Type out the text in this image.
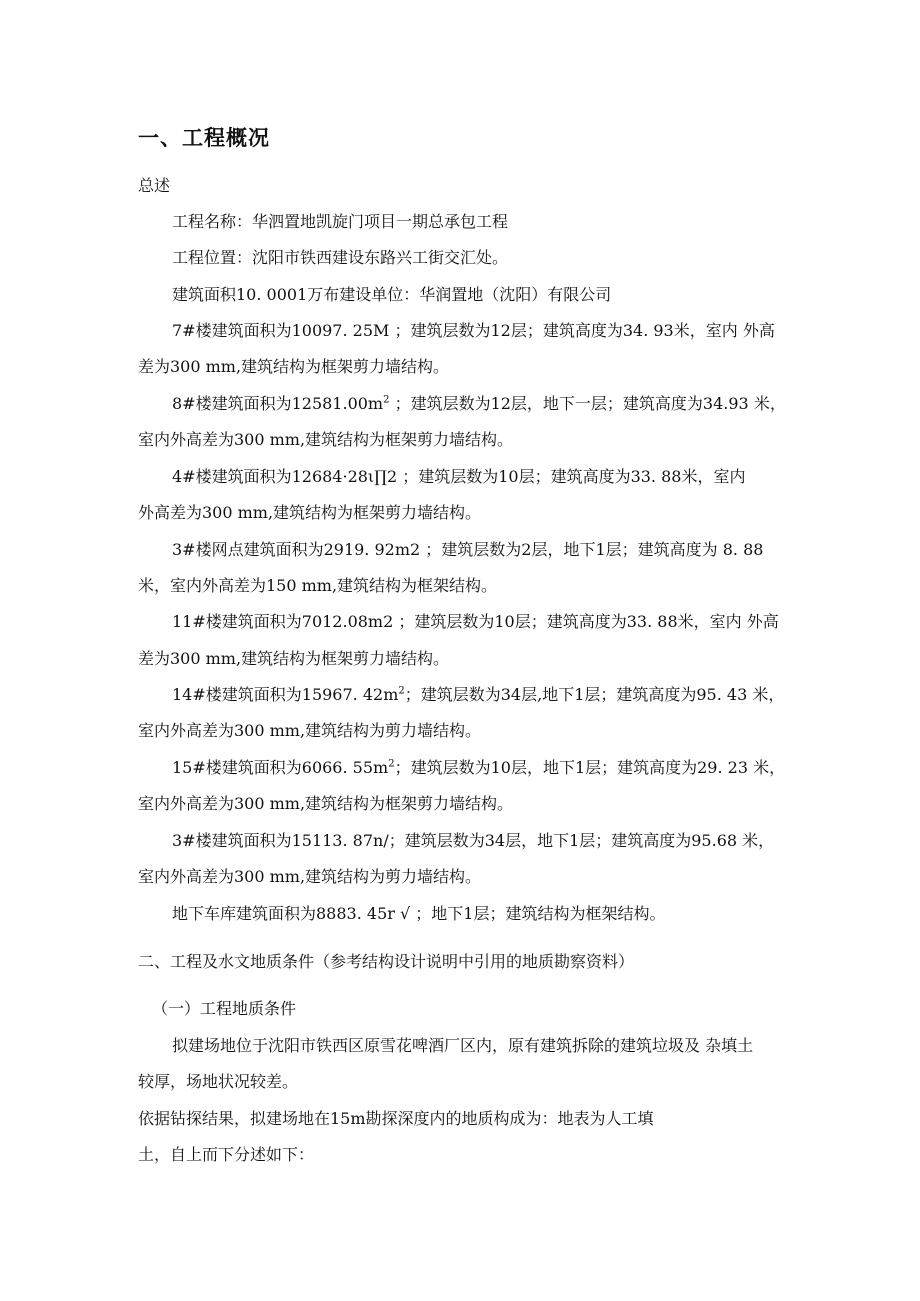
一、工程概况

总述

工程名称：华泗置地凯旋门项目一期总承包工程

工程位置：沈阳市铁西建设东路兴工街交汇处。

建筑面积10. 0001万布建设单位：华润置地（沈阳）有限公司

7#楼建筑面积为10097. 25M ；建筑层数为12层；建筑高度为34. 93米，室内 外高

差为300 mm,建筑结构为框架剪力墙结构。

8#楼建筑面积为$12581.00m^2$ ；建筑层数为12层，地下一层；建筑高度为34.93 米，

室内外高差为300 mm,建筑结构为框架剪力墙结构。

4#楼建筑面积为12684·28ι∏2 ；建筑层数为10层；建筑高度为33. 88米，室内

外高差为300 mm,建筑结构为框架剪力墙结构。

3#楼网点建筑面积为2919. 92m2 ；建筑层数为2层，地下1层；建筑高度为 8. 88

米，室内外高差为150 mm,建筑结构为框架结构。

11#楼建筑面积为7012.08m2 ；建筑层数为10层；建筑高度为33. 88米，室内 外高

差为300 mm,建筑结构为框架剪力墙结构。

14#楼建筑面积为15967. $42m^2$；建筑层数为34层,地下1层；建筑高度为95. 43 米，

室内外高差为300 mm,建筑结构为剪力墙结构。

15#楼建筑面积为6066. $55m^2$；建筑层数为10层，地下1层；建筑高度为29. 23 米，

室内外高差为300 mm,建筑结构为框架剪力墙结构。

3#楼建筑面积为15113. 87n/；建筑层数为34层，地下1层；建筑高度为95.68 米，

室内外高差为300 mm,建筑结构为剪力墙结构。

地下车库建筑面积为8883. 45r √ ；地下1层；建筑结构为框架结构。

二、工程及水文地质条件（参考结构设计说明中引用的地质勘察资料）

（一）工程地质条件

拟建场地位于沈阳市铁西区原雪花啤酒厂区内，原有建筑拆除的建筑垃圾及 杂填土

较厚，场地状况较差。

依据钻探结果，拟建场地在15m勘探深度内的地质构成为：地表为人工填

土，自上而下分述如下：
